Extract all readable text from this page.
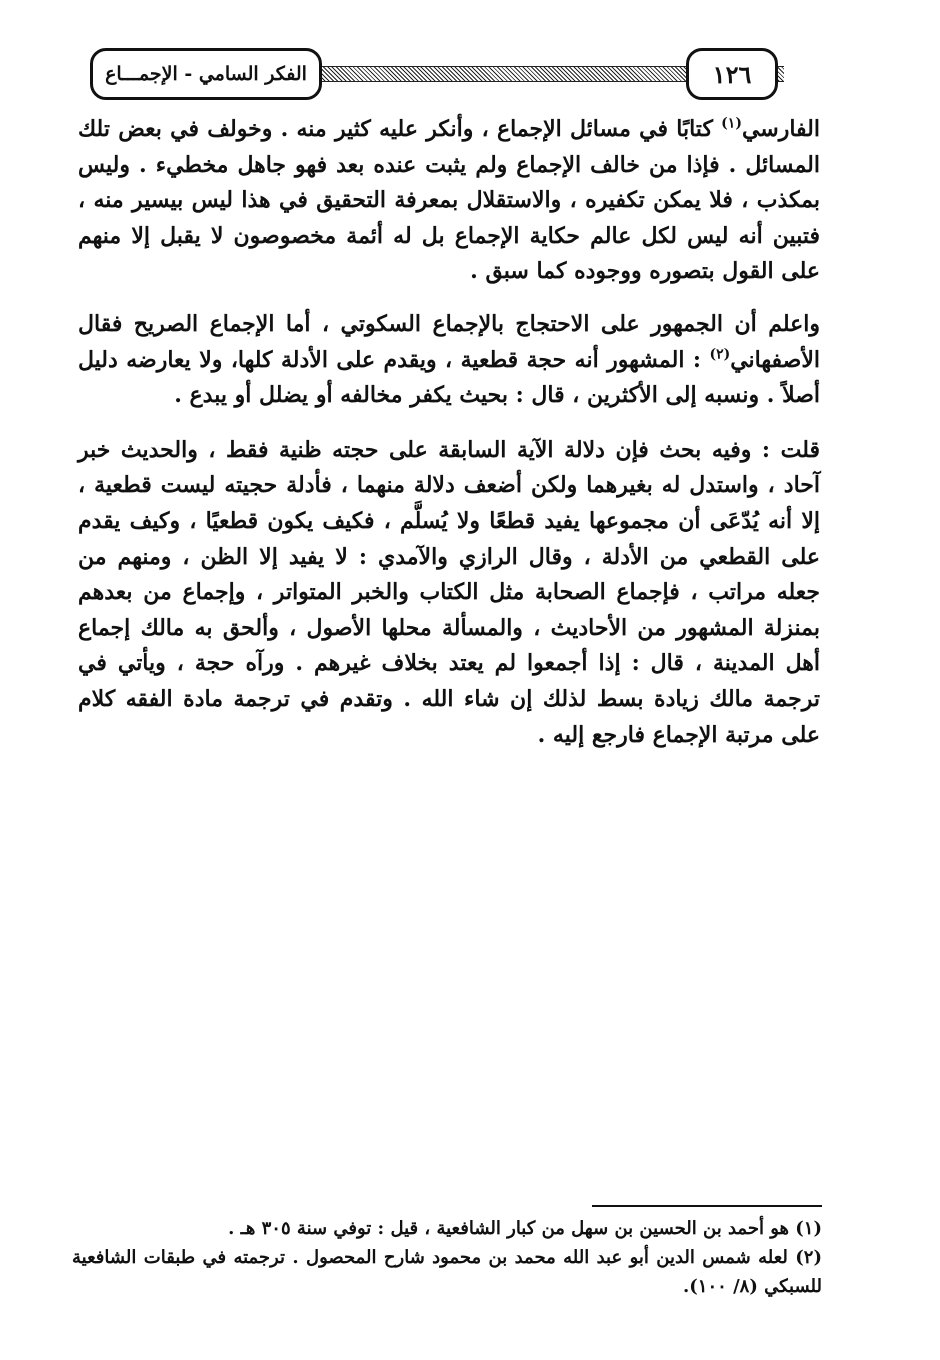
الفكر السامي - الإجمـــاع	١٢٦

الفارسي$^{(١)}$ كتابًا في مسائل الإجماع ، وأنكر عليه كثير منه . وخولف في بعض تلك المسائل . فإذا من خالف الإجماع ولم يثبت عنده بعد فهو جاهل مخطيء . وليس بمكذب ، فلا يمكن تكفيره ، والاستقلال بمعرفة التحقيق في هذا ليس بيسير منه ، فتبين أنه ليس لكل عالم حكاية الإجماع بل له أئمة مخصوصون لا يقبل إلا منهم على القول بتصوره ووجوده كما سبق .

واعلم أن الجمهور على الاحتجاج بالإجماع السكوتي ، أما الإجماع الصريح فقال الأصفهاني$^{(٢)}$ : المشهور أنه حجة قطعية ، ويقدم على الأدلة كلها، ولا يعارضه دليل أصلاً . ونسبه إلى الأكثرين ، قال : بحيث يكفر مخالفه أو يضلل أو يبدع .

قلت : وفيه بحث فإن دلالة الآية السابقة على حجته ظنية فقط ، والحديث خبر آحاد ، واستدل له بغيرهما ولكن أضعف دلالة منهما ، فأدلة حجيته ليست قطعية ، إلا أنه يُدّعَى أن مجموعها يفيد قطعًا ولا يُسلَّم ، فكيف يكون قطعيًا ، وكيف يقدم على القطعي من الأدلة ، وقال الرازي والآمدي : لا يفيد إلا الظن ، ومنهم من جعله مراتب ، فإجماع الصحابة مثل الكتاب والخبر المتواتر ، وإجماع من بعدهم بمنزلة المشهور من الأحاديث ، والمسألة محلها الأصول ، وألحق به مالك إجماع أهل المدينة ، قال : إذا أجمعوا لم يعتد بخلاف غيرهم . ورآه حجة ، ويأتي في ترجمة مالك زيادة بسط لذلك إن شاء الله . وتقدم في ترجمة مادة الفقه كلام على مرتبة الإجماع فارجع إليه .

(١) هو أحمد بن الحسين بن سهل من كبار الشافعية ، قيل : توفي سنة ٣٠٥ هـ .

(٢) لعله شمس الدين أبو عبد الله محمد بن محمود شارح المحصول . ترجمته في طبقات الشافعية للسبكي (٨/ ١٠٠).
